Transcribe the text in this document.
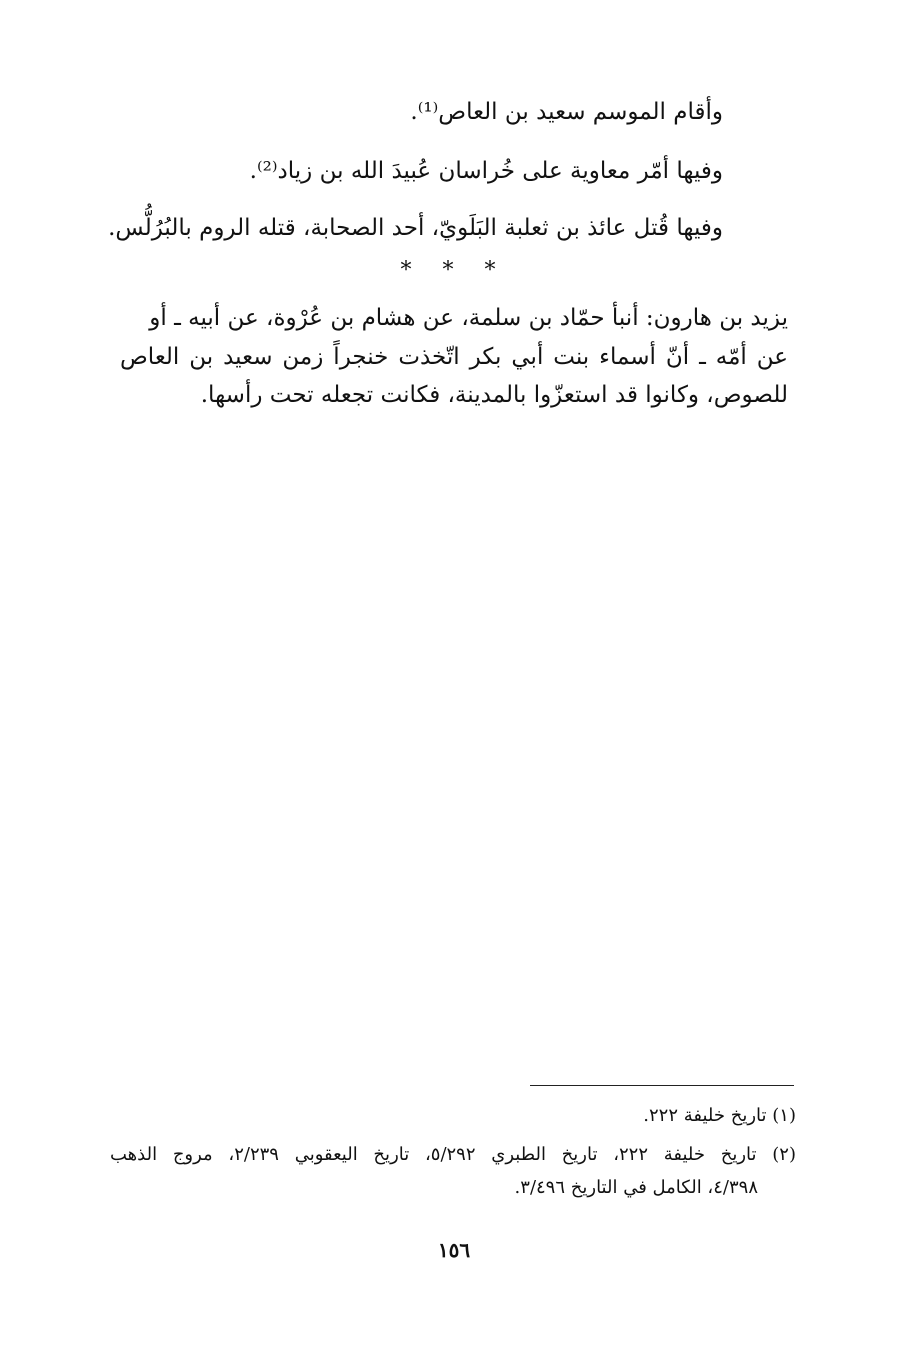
وأقام الموسم سعيد بن العاص⁽¹⁾.
وفيها أمّر معاوية على خُراسان عُبيدَ الله بن زياد⁽²⁾.
وفيها قُتل عائذ بن ثعلبة البَلَويّ، أحد الصحابة، قتله الروم بالبُرُلُّس.
* * *
يزيد بن هارون: أنبأ حمّاد بن سلمة، عن هشام بن عُرْوة، عن أبيه ـ أو
عن أمّه ـ أنّ أسماء بنت أبي بكر اتّخذت خنجراً زمن سعيد بن العاص
للصوص، وكانوا قد استعزّوا بالمدينة، فكانت تجعله تحت رأسها.
(١) تاريخ خليفة ٢٢٢.
(٢) تاريخ خليفة ٢٢٢، تاريخ الطبري ٥/٢٩٢، تاريخ اليعقوبي ٢/٢٣٩، مروج الذهب
٤/٣٩٨، الكامل في التاريخ ٣/٤٩٦.
١٥٦
